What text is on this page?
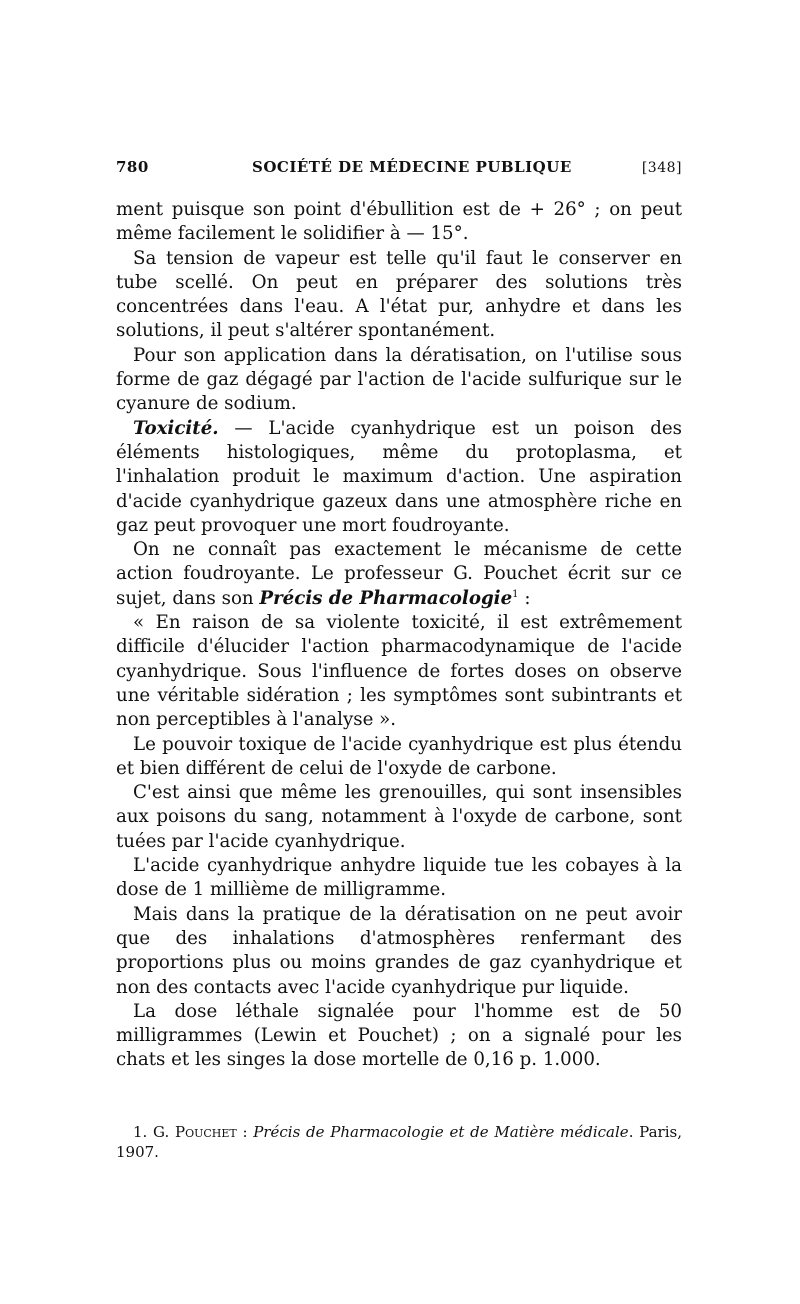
780	SOCIÉTÉ DE MÉDECINE PUBLIQUE	[348]

ment puisque son point d'ébullition est de + 26° ; on peut même facilement le solidifier à — 15°.

Sa tension de vapeur est telle qu'il faut le conserver en tube scellé. On peut en préparer des solutions très concentrées dans l'eau. A l'état pur, anhydre et dans les solutions, il peut s'altérer spontanément.

Pour son application dans la dératisation, on l'utilise sous forme de gaz dégagé par l'action de l'acide sulfurique sur le cyanure de sodium.

Toxicité. — L'acide cyanhydrique est un poison des éléments histologiques, même du protoplasma, et l'inhalation produit le maximum d'action. Une aspiration d'acide cyanhydrique gazeux dans une atmosphère riche en gaz peut provoquer une mort foudroyante.

On ne connaît pas exactement le mécanisme de cette action foudroyante. Le professeur G. Pouchet écrit sur ce sujet, dans son Précis de Pharmacologie$^1$ :

« En raison de sa violente toxicité, il est extrêmement difficile d'élucider l'action pharmacodynamique de l'acide cyanhydrique. Sous l'influence de fortes doses on observe une véritable sidération ; les symptômes sont subintrants et non perceptibles à l'analyse ».

Le pouvoir toxique de l'acide cyanhydrique est plus étendu et bien différent de celui de l'oxyde de carbone.

C'est ainsi que même les grenouilles, qui sont insensibles aux poisons du sang, notamment à l'oxyde de carbone, sont tuées par l'acide cyanhydrique.

L'acide cyanhydrique anhydre liquide tue les cobayes à la dose de 1 millième de milligramme.

Mais dans la pratique de la dératisation on ne peut avoir que des inhalations d'atmosphères renfermant des proportions plus ou moins grandes de gaz cyanhydrique et non des contacts avec l'acide cyanhydrique pur liquide.

La dose léthale signalée pour l'homme est de 50 milligrammes (Lewin et Pouchet) ; on a signalé pour les chats et les singes la dose mortelle de 0,16 p. 1.000.

1. G. Pouchet : Précis de Pharmacologie et de Matière médicale. Paris, 1907.
